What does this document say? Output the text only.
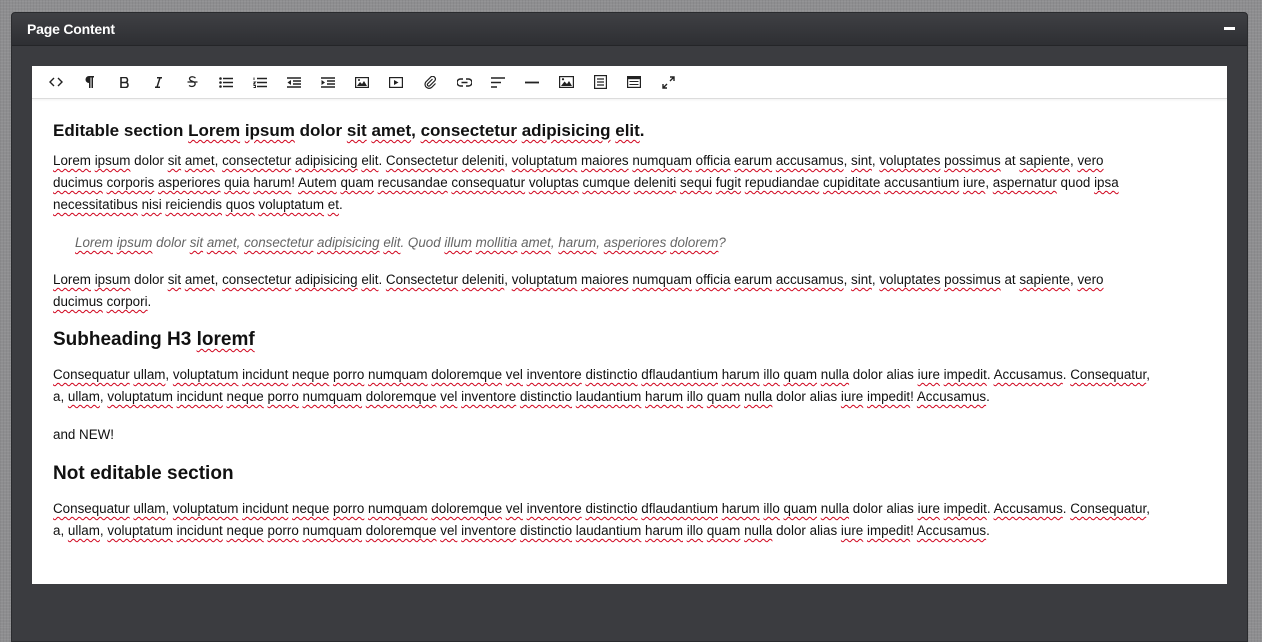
Page Content
Editable section Lorem ipsum dolor sit amet, consectetur adipisicing elit.

Lorem ipsum dolor sit amet, consectetur adipisicing elit. Consectetur deleniti, voluptatum maiores numquam officia earum accusamus, sint, voluptates possimus at sapiente, vero

ducimus corporis asperiores quia harum! Autem quam recusandae consequatur voluptas cumque deleniti sequi fugit repudiandae cupiditate accusantium iure, aspernatur quod ipsa

necessitatibus nisi reiciendis quos voluptatum et.

Lorem ipsum dolor sit amet, consectetur adipisicing elit. Quod illum mollitia amet, harum, asperiores dolorem?

Lorem ipsum dolor sit amet, consectetur adipisicing elit. Consectetur deleniti, voluptatum maiores numquam officia earum accusamus, sint, voluptates possimus at sapiente, vero

ducimus corpori.

Subheading H3 loremf

Consequatur ullam, voluptatum incidunt neque porro numquam doloremque vel inventore distinctio dflaudantium harum illo quam nulla dolor alias iure impedit. Accusamus. Consequatur,

a, ullam, voluptatum incidunt neque porro numquam doloremque vel inventore distinctio laudantium harum illo quam nulla dolor alias iure impedit! Accusamus.

and NEW!

Not editable section

Consequatur ullam, voluptatum incidunt neque porro numquam doloremque vel inventore distinctio dflaudantium harum illo quam nulla dolor alias iure impedit. Accusamus. Consequatur,

a, ullam, voluptatum incidunt neque porro numquam doloremque vel inventore distinctio laudantium harum illo quam nulla dolor alias iure impedit! Accusamus.
